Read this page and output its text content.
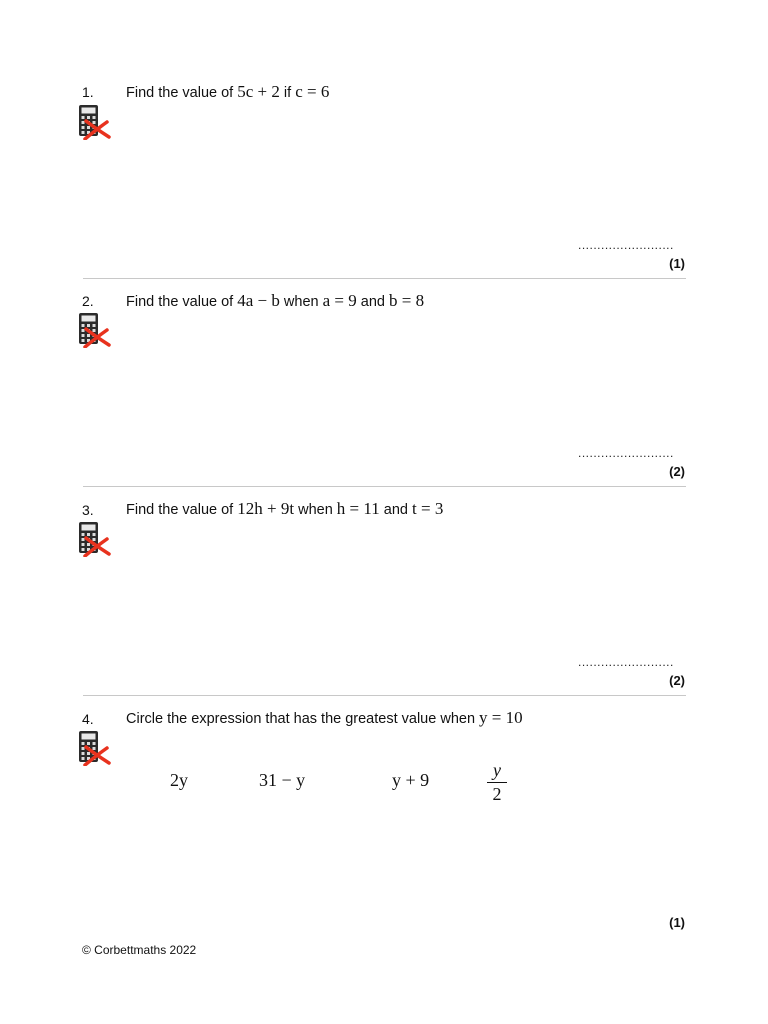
1. Find the value of 5c + 2 if c = 6
.........................
(1)
2. Find the value of 4a − b when a = 9 and b = 8
.........................
(2)
3. Find the value of 12h + 9t when h = 11 and t = 3
.........................
(2)
4. Circle the expression that has the greatest value when y = 10
2y	31 − y	y + 9	y
2
(1)
© Corbettmaths 2022
